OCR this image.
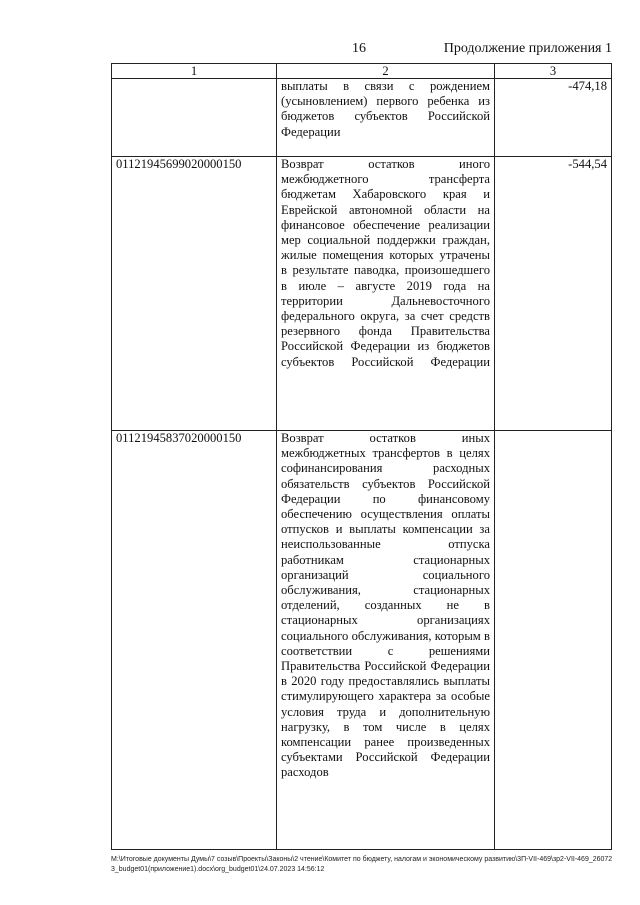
16	Продолжение приложения 1
1	2	3
	выплаты в связи с рождением (усыновлением) первого ребенка из бюджетов субъектов Российской Федерации	-474,18
01121945699020000150	Возврат остатков иного межбюджетного трансферта бюджетам Хабаровского края и Еврейской автономной области на финансовое обеспечение реализации мер социальной поддержки граждан, жилые помещения которых утрачены в результате паводка, произошедшего в июле – августе 2019 года на территории Дальневосточного федерального округа, за счет средств резервного фонда Правительства Российской Федерации из бюджетов субъектов Российской Федерации	-544,54
01121945837020000150	Возврат остатков иных межбюджетных трансфертов в целях софинансирования расходных обязательств субъектов Российской Федерации по финансовому обеспечению осуществления оплаты отпусков и выплаты компенсации за неиспользованные отпуска работникам стационарных организаций социального обслуживания, стационарных отделений, созданных не в стационарных организациях социального обслуживания, которым в соответствии с решениями Правительства Российской Федерации в 2020 году предоставлялись выплаты стимулирующего характера за особые условия труда и дополнительную нагрузку, в том числе в целях компенсации ранее произведенных субъектами Российской Федерации расходов	
M:\Итоговые документы Думы\7 созыв\Проекты\Законы\2 чтение\Комитет по бюджету, налогам и экономическому развитию\3П-VII-469\зр2-VII-469_260723_budget01(приложение1).docx\org_budget01\24.07.2023 14:56:12
